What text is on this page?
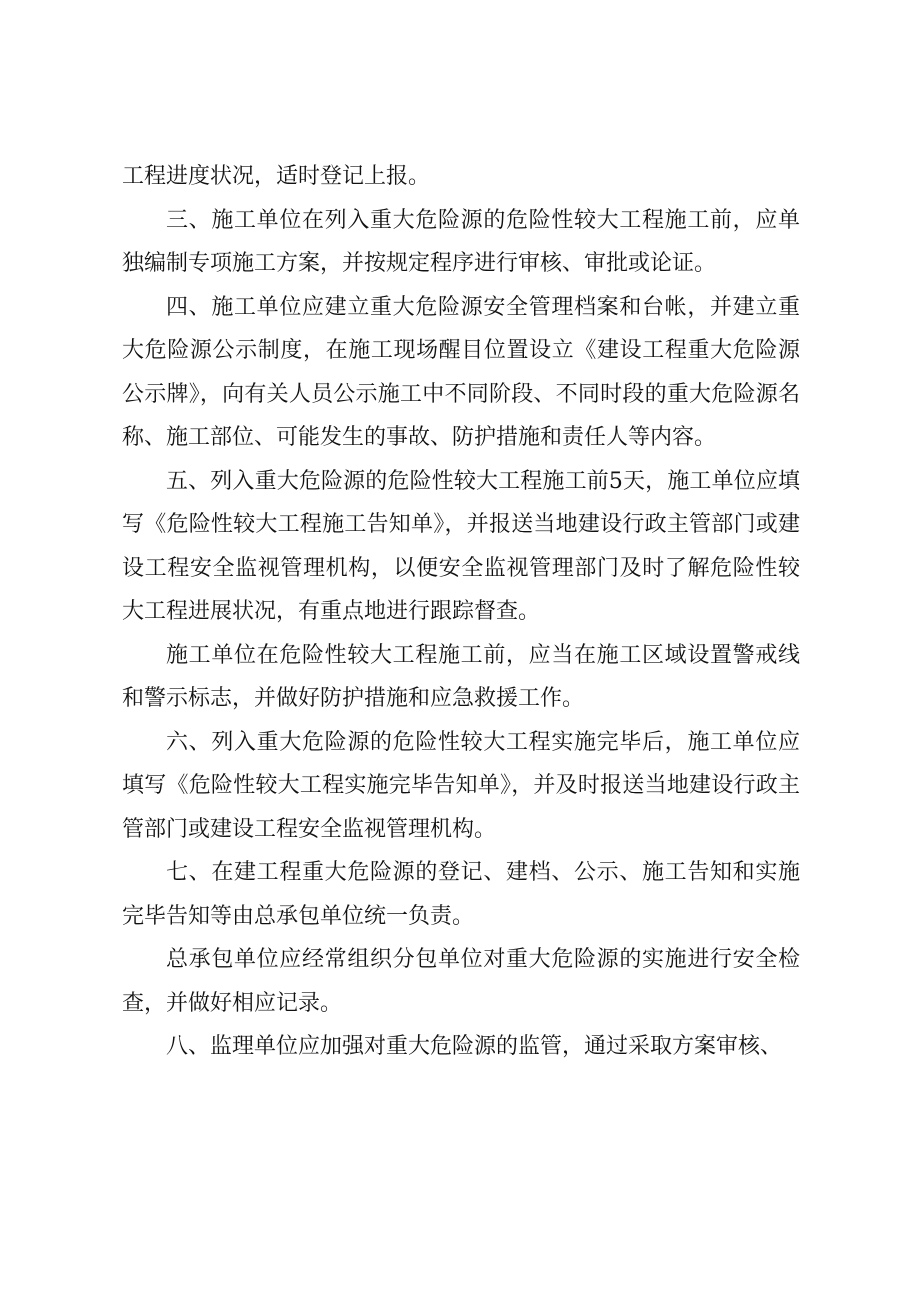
工程进度状况，适时登记上报。

三、施工单位在列入重大危险源的危险性较大工程施工前，应单独编制专项施工方案，并按规定程序进行审核、审批或论证。

四、施工单位应建立重大危险源安全管理档案和台帐，并建立重大危险源公示制度，在施工现场醒目位置设立《建设工程重大危险源公示牌》，向有关人员公示施工中不同阶段、不同时段的重大危险源名称、施工部位、可能发生的事故、防护措施和责任人等内容。

五、列入重大危险源的危险性较大工程施工前5天，施工单位应填写《危险性较大工程施工告知单》，并报送当地建设行政主管部门或建设工程安全监视管理机构，以便安全监视管理部门及时了解危险性较大工程进展状况，有重点地进行跟踪督查。

施工单位在危险性较大工程施工前，应当在施工区域设置警戒线和警示标志，并做好防护措施和应急救援工作。

六、列入重大危险源的危险性较大工程实施完毕后，施工单位应填写《危险性较大工程实施完毕告知单》，并及时报送当地建设行政主管部门或建设工程安全监视管理机构。

七、在建工程重大危险源的登记、建档、公示、施工告知和实施完毕告知等由总承包单位统一负责。

总承包单位应经常组织分包单位对重大危险源的实施进行安全检查，并做好相应记录。

八、监理单位应加强对重大危险源的监管，通过采取方案审核、
